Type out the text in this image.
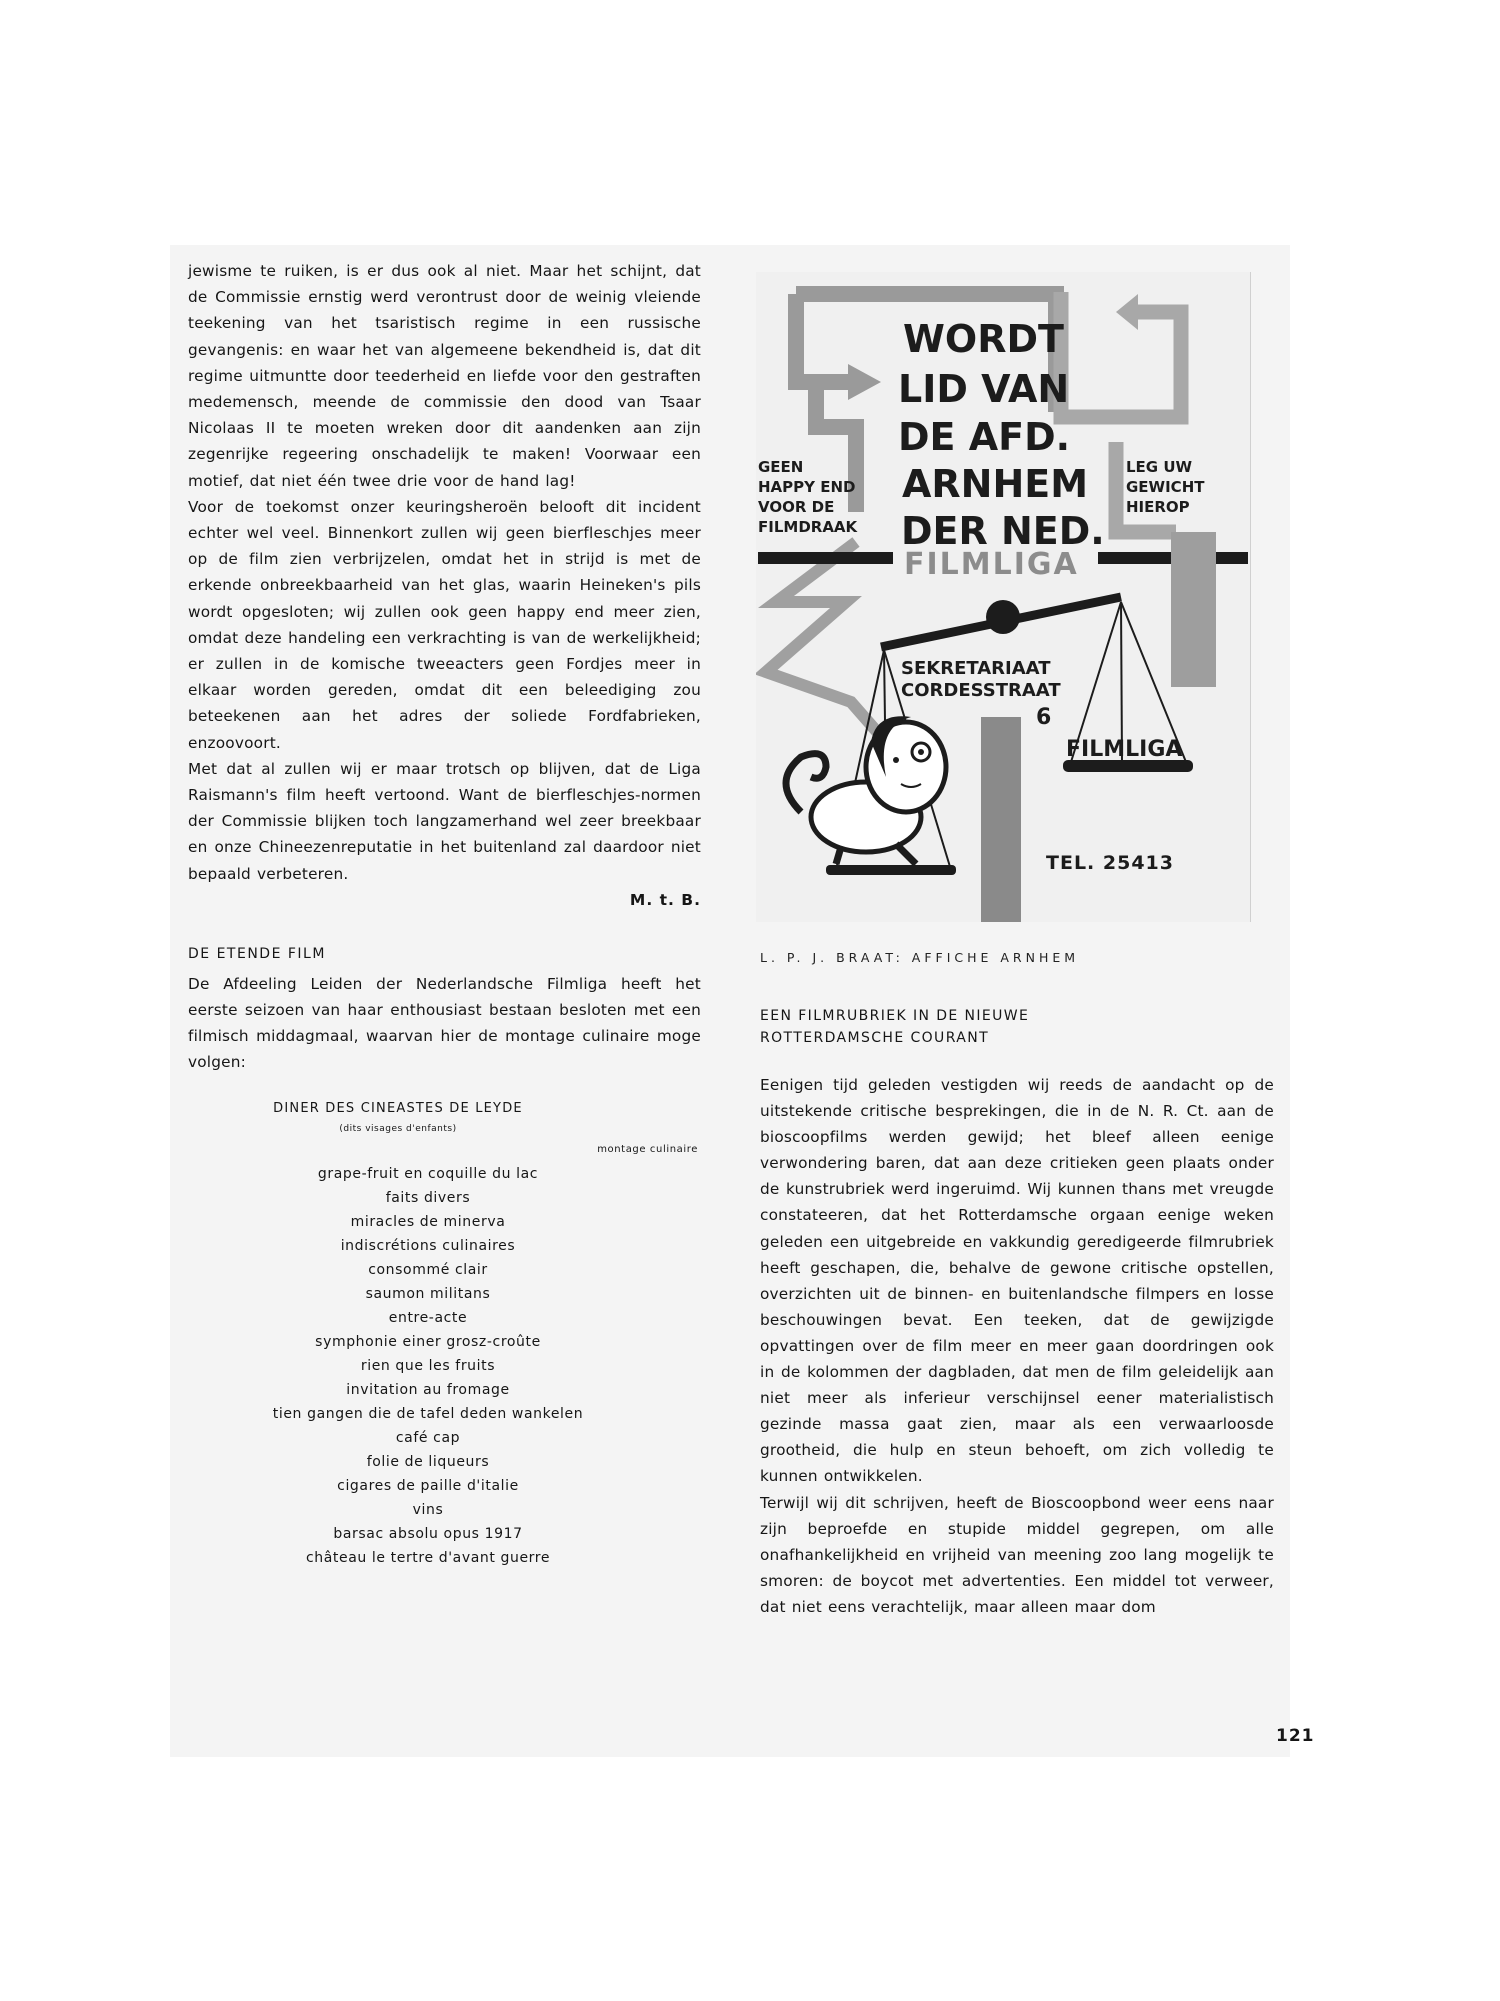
jewisme te ruiken, is er dus ook al niet. Maar het schijnt, dat de Commissie ernstig werd verontrust door de weinig vleiende teekening van het tsaristisch regime in een russische gevangenis: en waar het van algemeene bekendheid is, dat dit regime uitmuntte door teederheid en liefde voor den gestraften medemensch, meende de commissie den dood van Tsaar Nicolaas II te moeten wreken door dit aandenken aan zijn zegenrijke regeering onschadelijk te maken! Voorwaar een motief, dat niet één twee drie voor de hand lag!

Voor de toekomst onzer keuringsheroën belooft dit incident echter wel veel. Binnenkort zullen wij geen bierfleschjes meer op de film zien verbrijzelen, omdat het in strijd is met de erkende onbreekbaarheid van het glas, waarin Heineken's pils wordt opgesloten; wij zullen ook geen happy end meer zien, omdat deze handeling een verkrachting is van de werkelijkheid; er zullen in de komische tweeacters geen Fordjes meer in elkaar worden gereden, omdat dit een beleediging zou beteekenen aan het adres der soliede Fordfabrieken, enzoovoort.

Met dat al zullen wij er maar trotsch op blijven, dat de Liga Raismann's film heeft vertoond. Want de bierfleschjes-normen der Commissie blijken toch langzamerhand wel zeer breekbaar en onze Chineezenreputatie in het buitenland zal daardoor niet bepaald verbeteren.

M. t. B.

DE ETENDE FILM

De Afdeeling Leiden der Nederlandsche Filmliga heeft het eerste seizoen van haar enthousiast bestaan besloten met een filmisch middagmaal, waarvan hier de montage culinaire moge volgen:

DINER DES CINEASTES DE LEYDE
(dits visages d'enfants)
montage culinaire
grape-fruit en coquille du lac
faits divers
miracles de minerva
indiscrétions culinaires
consommé clair
saumon militans
entre-acte
symphonie einer grosz-croûte
rien que les fruits
invitation au fromage
tien gangen die de tafel deden wankelen
café cap
folie de liqueurs
cigares de paille d'italie
vins
barsac absolu opus 1917
château le tertre d'avant guerre
WORDT
LID VAN
DE AFD.
ARNHEM
DER NED.
FILMLIGA
GEEN
HAPPY END
VOOR DE
FILMDRAAK
LEG UW
GEWICHT
HIEROP
SEKRETARIAAT
CORDESSTRAAT
6
FILMLIGA
TEL. 25413
L. P. J. BRAAT: AFFICHE ARNHEM
EEN FILMRUBRIEK IN DE NIEUWE
ROTTERDAMSCHE COURANT

Eenigen tijd geleden vestigden wij reeds de aandacht op de uitstekende critische besprekingen, die in de N. R. Ct. aan de bioscoopfilms werden gewijd; het bleef alleen eenige verwondering baren, dat aan deze critieken geen plaats onder de kunstrubriek werd ingeruimd. Wij kunnen thans met vreugde constateeren, dat het Rotterdamsche orgaan eenige weken geleden een uitgebreide en vakkundig geredigeerde filmrubriek heeft geschapen, die, behalve de gewone critische opstellen, overzichten uit de binnen- en buitenlandsche filmpers en losse beschouwingen bevat. Een teeken, dat de gewijzigde opvattingen over de film meer en meer gaan doordringen ook in de kolommen der dagbladen, dat men de film geleidelijk aan niet meer als inferieur verschijnsel eener materialistisch gezinde massa gaat zien, maar als een verwaarloosde grootheid, die hulp en steun behoeft, om zich volledig te kunnen ontwikkelen.

Terwijl wij dit schrijven, heeft de Bioscoopbond weer eens naar zijn beproefde en stupide middel gegrepen, om alle onafhankelijkheid en vrijheid van meening zoo lang mogelijk te smoren: de boycot met advertenties. Een middel tot verweer, dat niet eens verachtelijk, maar alleen maar dom

121
